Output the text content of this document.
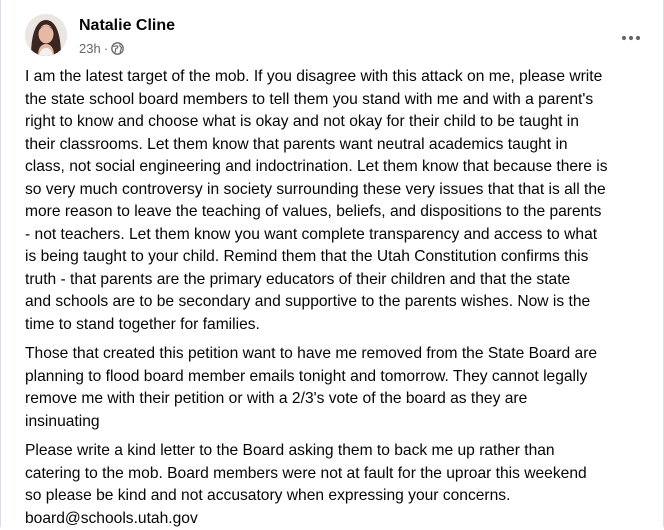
Natalie Cline
23h ·

I am the latest target of the mob. If you disagree with this attack on me, please write
the state school board members to tell them you stand with me and with a parent's
right to know and choose what is okay and not okay for their child to be taught in
their classrooms. Let them know that parents want neutral academics taught in
class, not social engineering and indoctrination. Let them know that because there is
so very much controversy in society surrounding these very issues that that is all the
more reason to leave the teaching of values, beliefs, and dispositions to the parents
- not teachers. Let them know you want complete transparency and access to what
is being taught to your child. Remind them that the Utah Constitution confirms this
truth - that parents are the primary educators of their children and that the state
and schools are to be secondary and supportive to the parents wishes. Now is the
time to stand together for families.

Those that created this petition want to have me removed from the State Board are
planning to flood board member emails tonight and tomorrow. They cannot legally
remove me with their petition or with a 2/3's vote of the board as they are
insinuating

Please write a kind letter to the Board asking them to back me up rather than
catering to the mob. Board members were not at fault for the uproar this weekend
so please be kind and not accusatory when expressing your concerns.
board@schools.utah.gov
